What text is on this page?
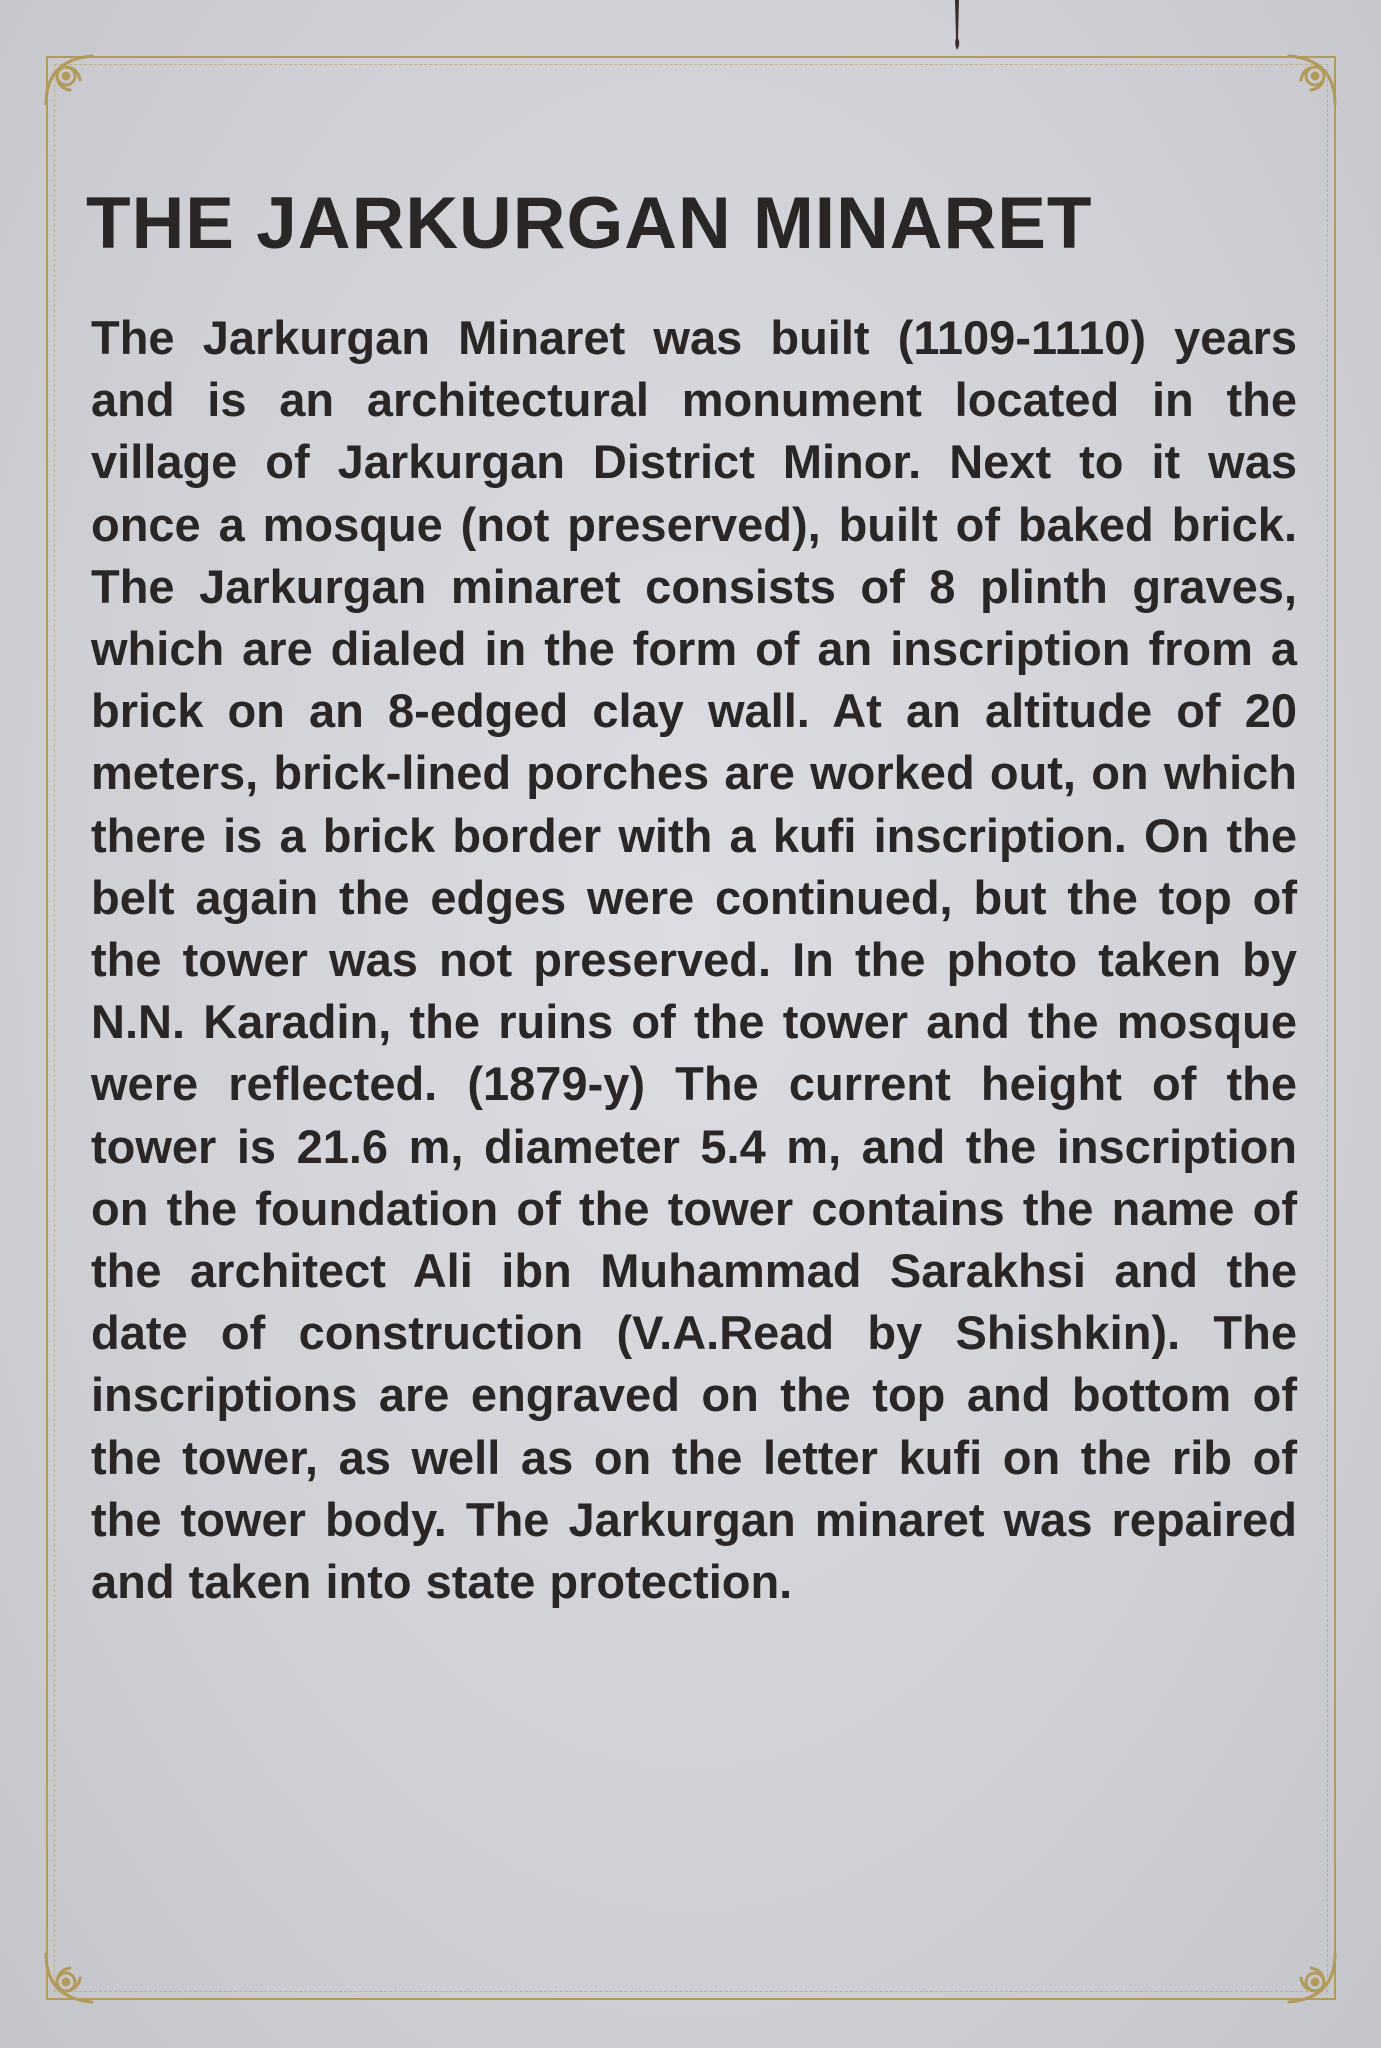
THE JARKURGAN MINARET

The Jarkurgan Minaret was built (1109-1110) years and is an architectural monument located in the village of Jarkurgan District Minor. Next to it was once a mosque (not preserved), built of baked brick. The Jarkurgan minaret consists of 8 plinth graves, which are dialed in the form of an inscription from a brick on an 8-edged clay wall. At an altitude of 20 meters, brick-lined porches are worked out, on which there is a brick border with a kufi inscription. On the belt again the edges were continued, but the top of the tower was not preserved. In the photo taken by N.N. Karadin, the ruins of the tower and the mosque were reflected. (1879-y) The current height of the tower is 21.6 m, diameter 5.4 m, and the inscription on the foundation of the tower contains the name of the architect Ali ibn Muhammad Sarakhsi and the date of construction (V.A.Read by Shishkin). The inscriptions are engraved on the top and bottom of the tower, as well as on the letter kufi on the rib of the tower body. The Jarkurgan minaret was repaired and taken into state protection.
